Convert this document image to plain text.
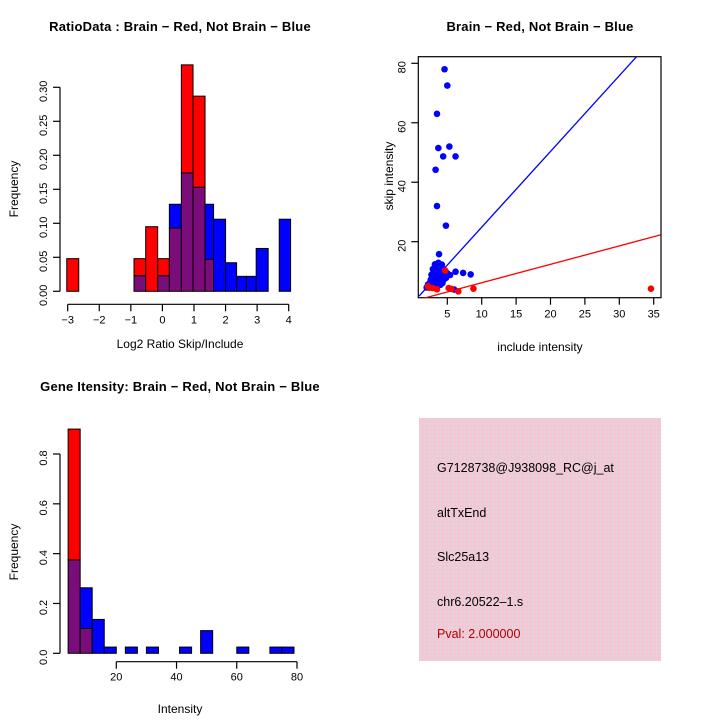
0.00
0.05
0.10
0.15
0.20
0.25
0.30
−3 −2 −1 0 1 2 3 4
RatioData : Brain − Red, Not Brain − Blue
Log2 Ratio Skip/Include
Frequency
5 10 15 20 25 30 35
20
40
60
80
Brain − Red, Not Brain − Blue
include intensity
skip intensity
0.0
0.2
0.4
0.6
0.8
20	40	60	80
Gene Itensity: Brain − Red, Not Brain − Blue
Intensity
Frequency
G7128738@J938098_RC@j_at
altTxEnd
Slc25a13
chr6.20522–1.s
Pval: 2.000000
